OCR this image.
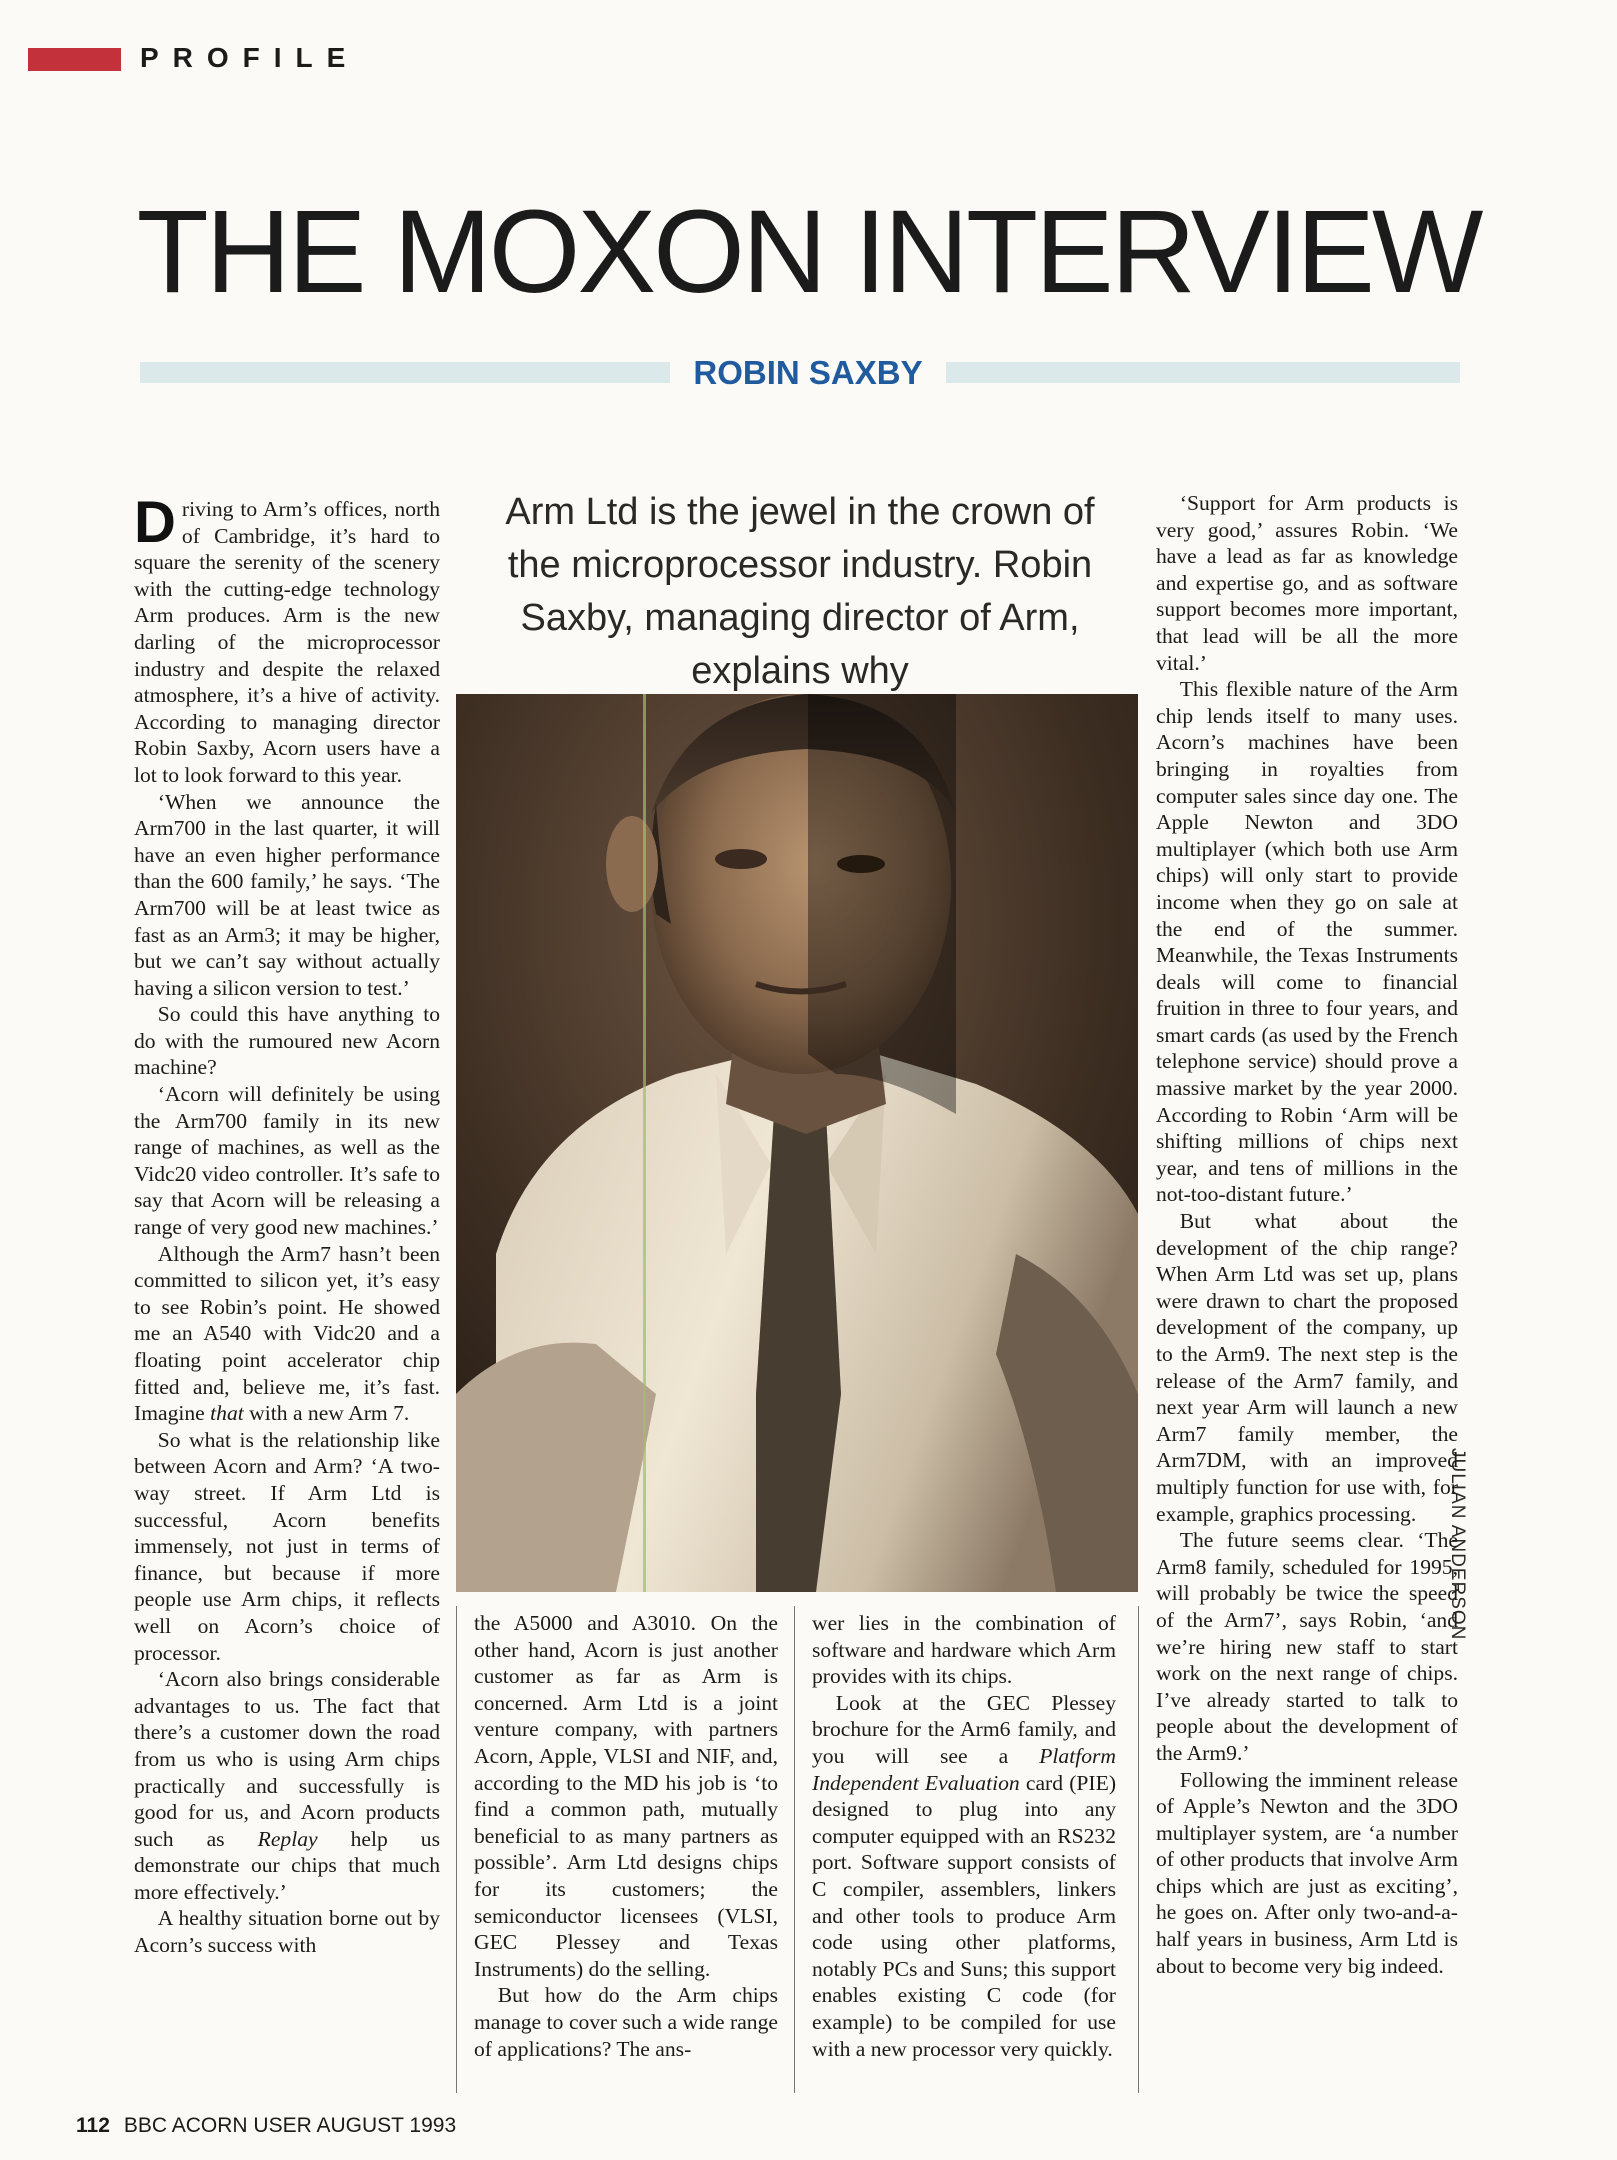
PROFILE
THE MOXON INTERVIEW
ROBIN SAXBY

Arm Ltd is the jewel in the crown of the microprocessor industry. Robin Saxby, managing director of Arm, explains why

Driving to Arm’s offices, north of Cambridge, it’s hard to square the serenity of the scenery with the cutting-edge technology Arm produces. Arm is the new darling of the microprocessor industry and despite the relaxed atmosphere, it’s a hive of activity. According to managing director Robin Saxby, Acorn users have a lot to look forward to this year.

‘When we announce the Arm700 in the last quarter, it will have an even higher performance than the 600 family,’ he says. ‘The Arm700 will be at least twice as fast as an Arm3; it may be higher, but we can’t say without actually having a silicon version to test.’

So could this have anything to do with the rumoured new Acorn machine?

‘Acorn will definitely be using the Arm700 family in its new range of machines, as well as the Vidc20 video controller. It’s safe to say that Acorn will be releasing a range of very good new machines.’

Although the Arm7 hasn’t been committed to silicon yet, it’s easy to see Robin’s point. He showed me an A540 with Vidc20 and a floating point accelerator chip fitted and, believe me, it’s fast. Imagine that with a new Arm 7.

So what is the relationship like between Acorn and Arm? ‘A two-way street. If Arm Ltd is successful, Acorn benefits immensely, not just in terms of finance, but because if more people use Arm chips, it reflects well on Acorn’s choice of processor.

‘Acorn also brings considerable advantages to us. The fact that there’s a customer down the road from us who is using Arm chips practically and successfully is good for us, and Acorn products such as Replay help us demonstrate our chips that much more effectively.’

A healthy situation borne out by Acorn’s success with

JULIAN ANDERSON

the A5000 and A3010. On the other hand, Acorn is just another customer as far as Arm is concerned. Arm Ltd is a joint venture company, with partners Acorn, Apple, VLSI and NIF, and, according to the MD his job is ‘to find a common path, mutually beneficial to as many partners as possible’. Arm Ltd designs chips for its customers; the semiconductor licensees (VLSI, GEC Plessey and Texas Instruments) do the selling.

But how do the Arm chips manage to cover such a wide range of applications? The ans-

wer lies in the combination of software and hardware which Arm provides with its chips.

Look at the GEC Plessey brochure for the Arm6 family, and you will see a Platform Independent Evaluation card (PIE) designed to plug into any computer equipped with an RS232 port. Software support consists of C compiler, assemblers, linkers and other tools to produce Arm code using other platforms, notably PCs and Suns; this support enables existing C code (for example) to be compiled for use with a new processor very quickly.

‘Support for Arm products is very good,’ assures Robin. ‘We have a lead as far as knowledge and expertise go, and as software support becomes more important, that lead will be all the more vital.’

This flexible nature of the Arm chip lends itself to many uses. Acorn’s machines have been bringing in royalties from computer sales since day one. The Apple Newton and 3DO multiplayer (which both use Arm chips) will only start to provide income when they go on sale at the end of the summer. Meanwhile, the Texas Instruments deals will come to financial fruition in three to four years, and smart cards (as used by the French telephone service) should prove a massive market by the year 2000. According to Robin ‘Arm will be shifting millions of chips next year, and tens of millions in the not-too-distant future.’

But what about the development of the chip range? When Arm Ltd was set up, plans were drawn to chart the proposed development of the company, up to the Arm9. The next step is the release of the Arm7 family, and next year Arm will launch a new Arm7 family member, the Arm7DM, with an improved multiply function for use with, for example, graphics processing.

The future seems clear. ‘The Arm8 family, scheduled for 1995, will probably be twice the speed of the Arm7’, says Robin, ‘and we’re hiring new staff to start work on the next range of chips. I’ve already started to talk to people about the development of the Arm9.’

Following the imminent release of Apple’s Newton and the 3DO multiplayer system, are ‘a number of other products that involve Arm chips which are just as exciting’, he goes on. After only two-and-a-half years in business, Arm Ltd is about to become very big indeed.

112 BBC ACORN USER AUGUST 1993
